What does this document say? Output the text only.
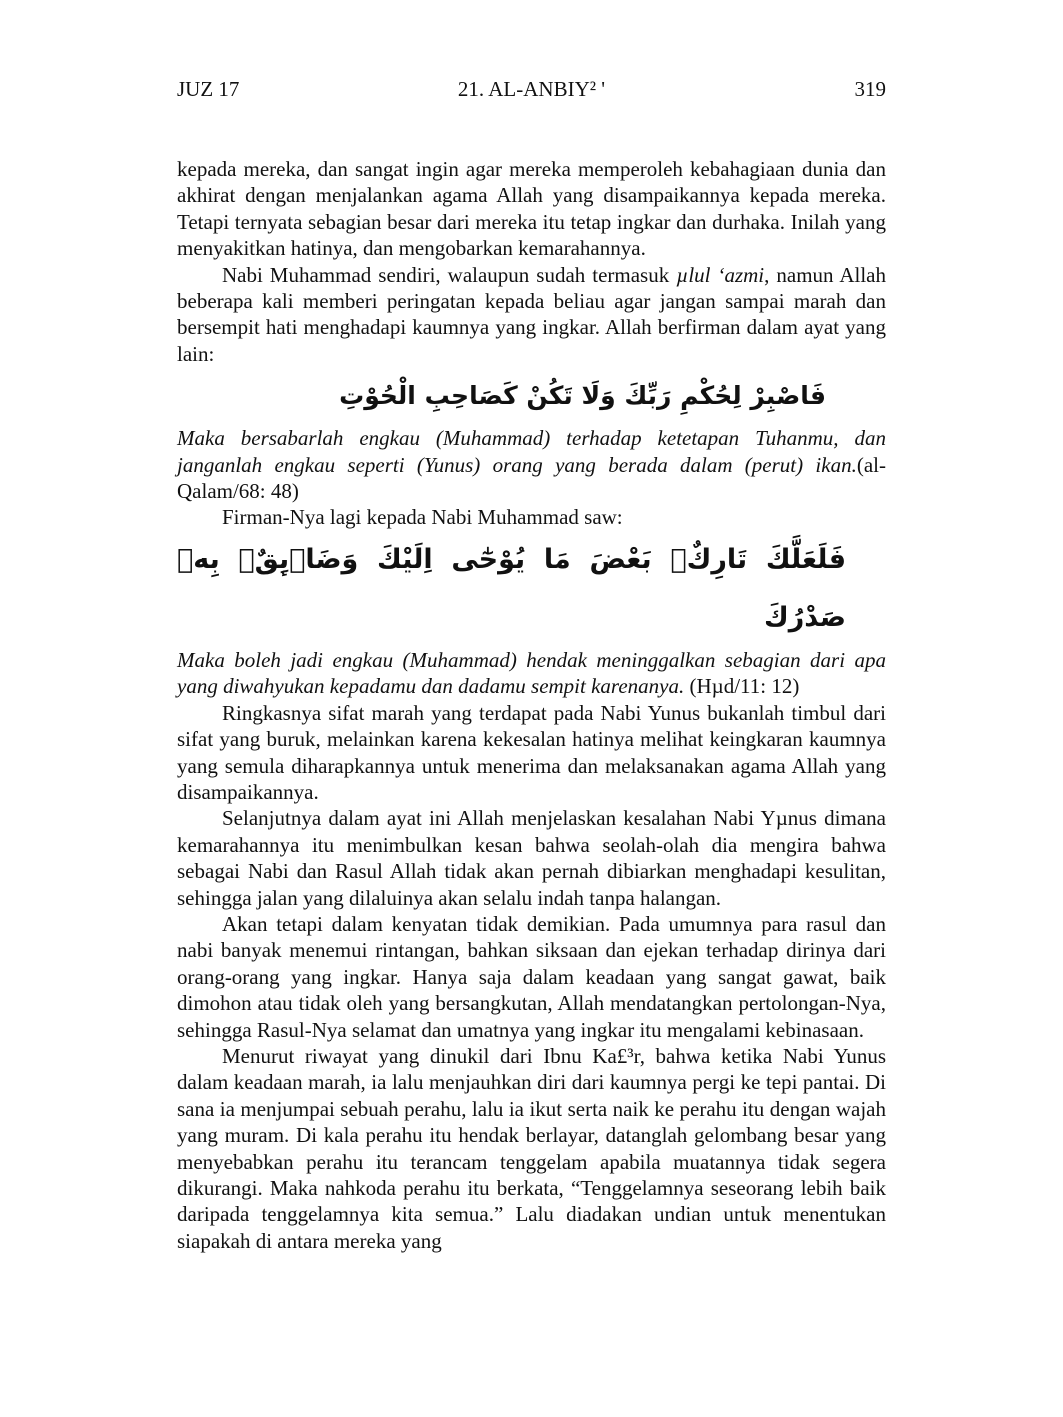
JUZ 17	21. AL-ANBIY² '	319

kepada mereka, dan sangat ingin agar mereka memperoleh kebahagiaan dunia dan akhirat dengan menjalankan agama Allah yang disampaikannya kepada mereka. Tetapi ternyata sebagian besar dari mereka itu tetap ingkar dan durhaka. Inilah yang menyakitkan hatinya, dan mengobarkan kemarahannya.

Nabi Muhammad sendiri, walaupun sudah termasuk µlul ‘azmi, namun Allah beberapa kali memberi peringatan kepada beliau agar jangan sampai marah dan bersempit hati menghadapi kaumnya yang ingkar. Allah berfirman dalam ayat yang lain:

فَاصْبِرْ لِحُكْمِ رَبِّكَ وَلَا تَكُنْ كَصَاحِبِ الْحُوْتِ

Maka bersabarlah engkau (Muhammad) terhadap ketetapan Tuhanmu, dan janganlah engkau seperti (Yunus) orang yang berada dalam (perut) ikan.(al-Qalam/68: 48)

Firman-Nya lagi kepada Nabi Muhammad saw:

فَلَعَلَّكَ تَارِكٌۢ بَعْضَ مَا يُوْحٰٓى اِلَيْكَ وَضَاۤىِٕقٌۢ بِهٖ صَدْرُكَ

Maka boleh jadi engkau (Muhammad) hendak meninggalkan sebagian dari apa yang diwahyukan kepadamu dan dadamu sempit karenanya. (Hµd/11: 12)

Ringkasnya sifat marah yang terdapat pada Nabi Yunus bukanlah timbul dari sifat yang buruk, melainkan karena kekesalan hatinya melihat keingkaran kaumnya yang semula diharapkannya untuk menerima dan melaksanakan agama Allah yang disampaikannya.

Selanjutnya dalam ayat ini Allah menjelaskan kesalahan Nabi Yµnus dimana kemarahannya itu menimbulkan kesan bahwa seolah-olah dia mengira bahwa sebagai Nabi dan Rasul Allah tidak akan pernah dibiarkan menghadapi kesulitan, sehingga jalan yang dilaluinya akan selalu indah tanpa halangan.

Akan tetapi dalam kenyatan tidak demikian. Pada umumnya para rasul dan nabi banyak menemui rintangan, bahkan siksaan dan ejekan terhadap dirinya dari orang-orang yang ingkar. Hanya saja dalam keadaan yang sangat gawat, baik dimohon atau tidak oleh yang bersangkutan, Allah mendatangkan pertolongan-Nya, sehingga Rasul-Nya selamat dan umatnya yang ingkar itu mengalami kebinasaan.

Menurut riwayat yang dinukil dari Ibnu Ka£³r, bahwa ketika Nabi Yunus dalam keadaan marah, ia lalu menjauhkan diri dari kaumnya pergi ke tepi pantai. Di sana ia menjumpai sebuah perahu, lalu ia ikut serta naik ke perahu itu dengan wajah yang muram. Di kala perahu itu hendak berlayar, datanglah gelombang besar yang menyebabkan perahu itu terancam tenggelam apabila muatannya tidak segera dikurangi. Maka nahkoda perahu itu berkata, “Tenggelamnya seseorang lebih baik daripada tenggelamnya kita semua.” Lalu diadakan undian untuk menentukan siapakah di antara mereka yang
